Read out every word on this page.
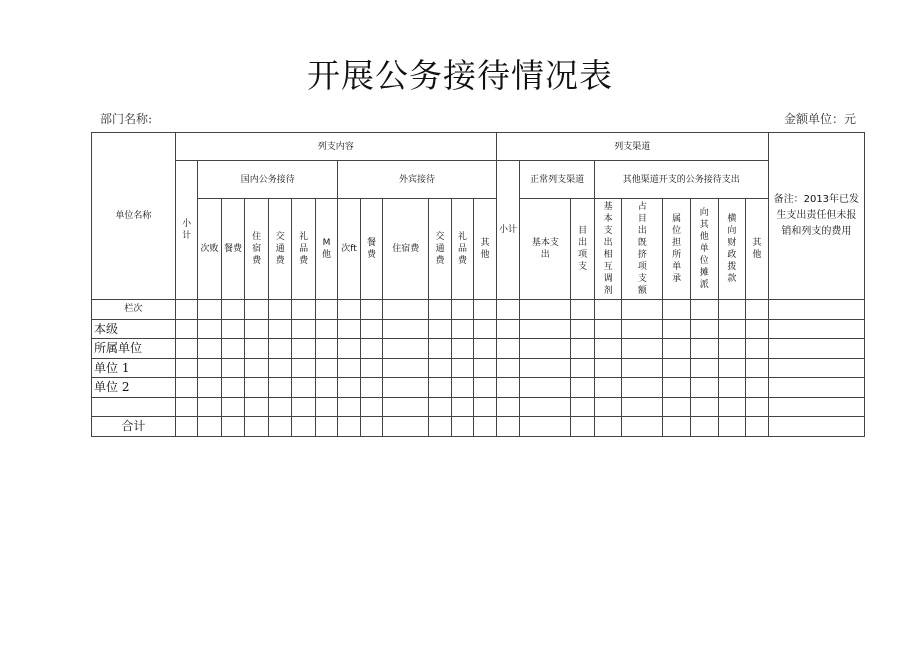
开展公务接待情况表
部门名称:	金额单位：元
单位名称	列支内容													列支渠道									备注：2013年已发生支出责任但未报销和列支的费用
	小计	国内公务接待						外宾接待						小计	正常列支渠道		其他渠道开支的公务接待支出						
		次败	餐费	住宿费	交通费	礼品费	M他	次ft	餐费	住宿费	交通费	礼品费	其他		基本支出	目出项支	基本支出相互调剂	占目出旣挤项支额	属位担所单承	向其他单位摊派	横向财政拨款	其他	
栏次																							
本级																							
所属单位																							
单位 1																							
单位 2																							

合计																							
